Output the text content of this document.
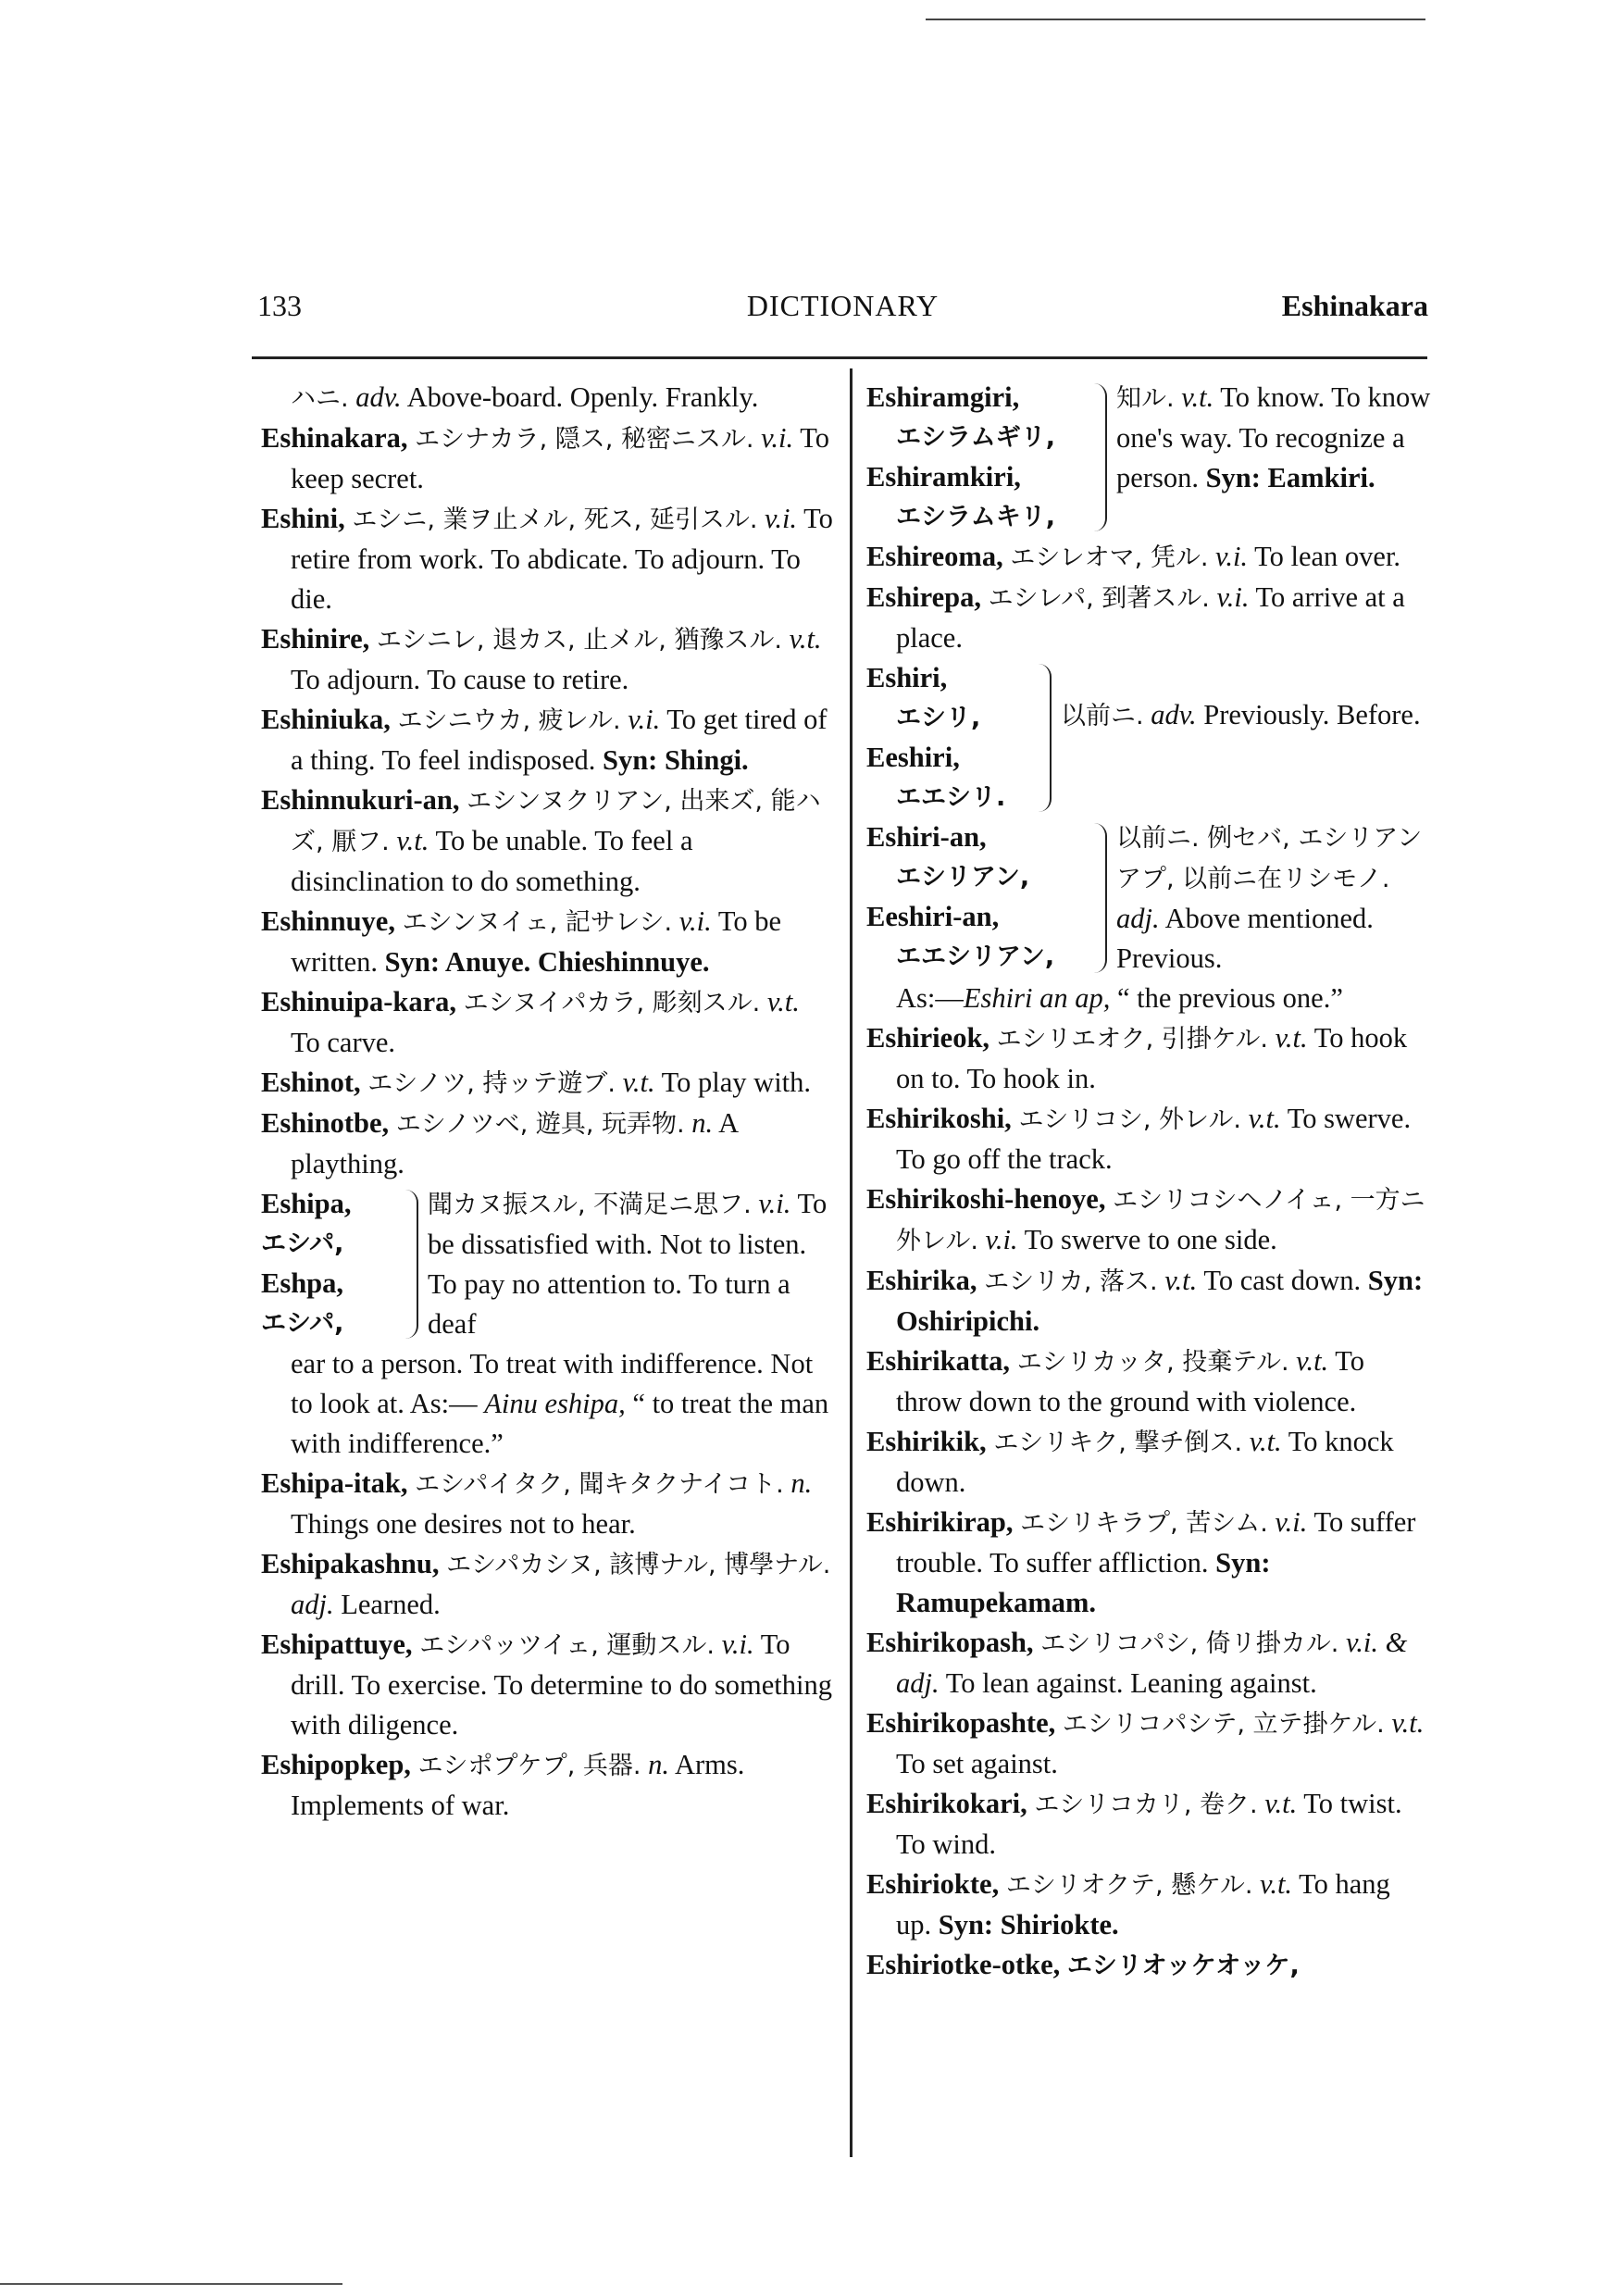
133	DICTIONARY	Eshinakara
ハニ. adv. Above-board. Openly. Frankly.
Eshinakara, エシナカラ, 隠ス, 秘密ニスル. v.i. To keep secret.
Eshini, エシニ, 業ヲ止メル, 死ス, 延引スル. v.i. To retire from work. To abdicate. To adjourn. To die.
Eshinire, エシニレ, 退カス, 止メル, 猶豫スル. v.t. To adjourn. To cause to retire.
Eshiniuka, エシニウカ, 疲レル. v.i. To get tired of a thing. To feel indisposed. Syn: Shingi.
Eshinnukuri-an, エシンヌクリアン, 出来ズ, 能ハズ, 厭フ. v.t. To be unable. To feel a disinclination to do something.
Eshinnuye, エシンヌイェ, 記サレシ. v.i. To be written. Syn: Anuye. Chieshinnuye.
Eshinuipa-kara, エシヌイパカラ, 彫刻スル. v.t. To carve.
Eshinot, エシノツ, 持ッテ遊ブ. v.t. To play with.
Eshinotbe, エシノツベ, 遊具, 玩弄物. n. A plaything.
Eshipa,
エシパ,
Eshpa,
エシパ,
聞カヌ振スル, 不満足ニ思フ. v.i. To be dissatisfied with. Not to listen. To pay no attention to. To turn a deaf
ear to a person. To treat with indifference. Not to look at. As:— Ainu eshipa, “ to treat the man with indifference.”
Eshipa-itak, エシパイタク, 聞キタクナイコト. n. Things one desires not to hear.
Eshipakashnu, エシパカシヌ, 該博ナル, 博學ナル. adj. Learned.
Eshipattuye, エシパッツイェ, 運動スル. v.i. To drill. To exercise. To determine to do something with diligence.
Eshipopkep, エシポプケプ, 兵器. n. Arms. Implements of war.
Eshiramgiri,
エシラムギリ,
Eshiramkiri,
エシラムキリ,
知ル. v.t. To know. To know one's way. To recognize a person. Syn: Eamkiri.
Eshireoma, エシレオマ, 凭ル. v.i. To lean over.
Eshirepa, エシレパ, 到著スル. v.i. To arrive at a place.
Eshiri,
エシリ,
Eeshiri,
エエシリ.
以前ニ. adv. Previously. Before.
Eshiri-an,
エシリアン,
Eeshiri-an,
エエシリアン,
以前ニ. 例セバ, エシリアンアプ, 以前ニ在リシモノ. adj. Above mentioned. Previous.
As:—Eshiri an ap, “ the previous one.”
Eshirieok, エシリエオク, 引掛ケル. v.t. To hook on to. To hook in.
Eshirikoshi, エシリコシ, 外レル. v.t. To swerve. To go off the track.
Eshirikoshi-henoye, エシリコシヘノイェ, 一方ニ外レル. v.i. To swerve to one side.
Eshirika, エシリカ, 落ス. v.t. To cast down. Syn: Oshiripichi.
Eshirikatta, エシリカッタ, 投棄テル. v.t. To throw down to the ground with violence.
Eshirikik, エシリキク, 撃チ倒ス. v.t. To knock down.
Eshirikirap, エシリキラプ, 苦シム. v.i. To suffer trouble. To suffer affliction. Syn: Ramupekamam.
Eshirikopash, エシリコパシ, 倚リ掛カル. v.i. & adj. To lean against. Leaning against.
Eshirikopashte, エシリコパシテ, 立テ掛ケル. v.t. To set against.
Eshirikokari, エシリコカリ, 卷ク. v.t. To twist. To wind.
Eshiriokte, エシリオクテ, 懸ケル. v.t. To hang up. Syn: Shiriokte.
Eshiriotke-otke, エシリオッケオッケ,
